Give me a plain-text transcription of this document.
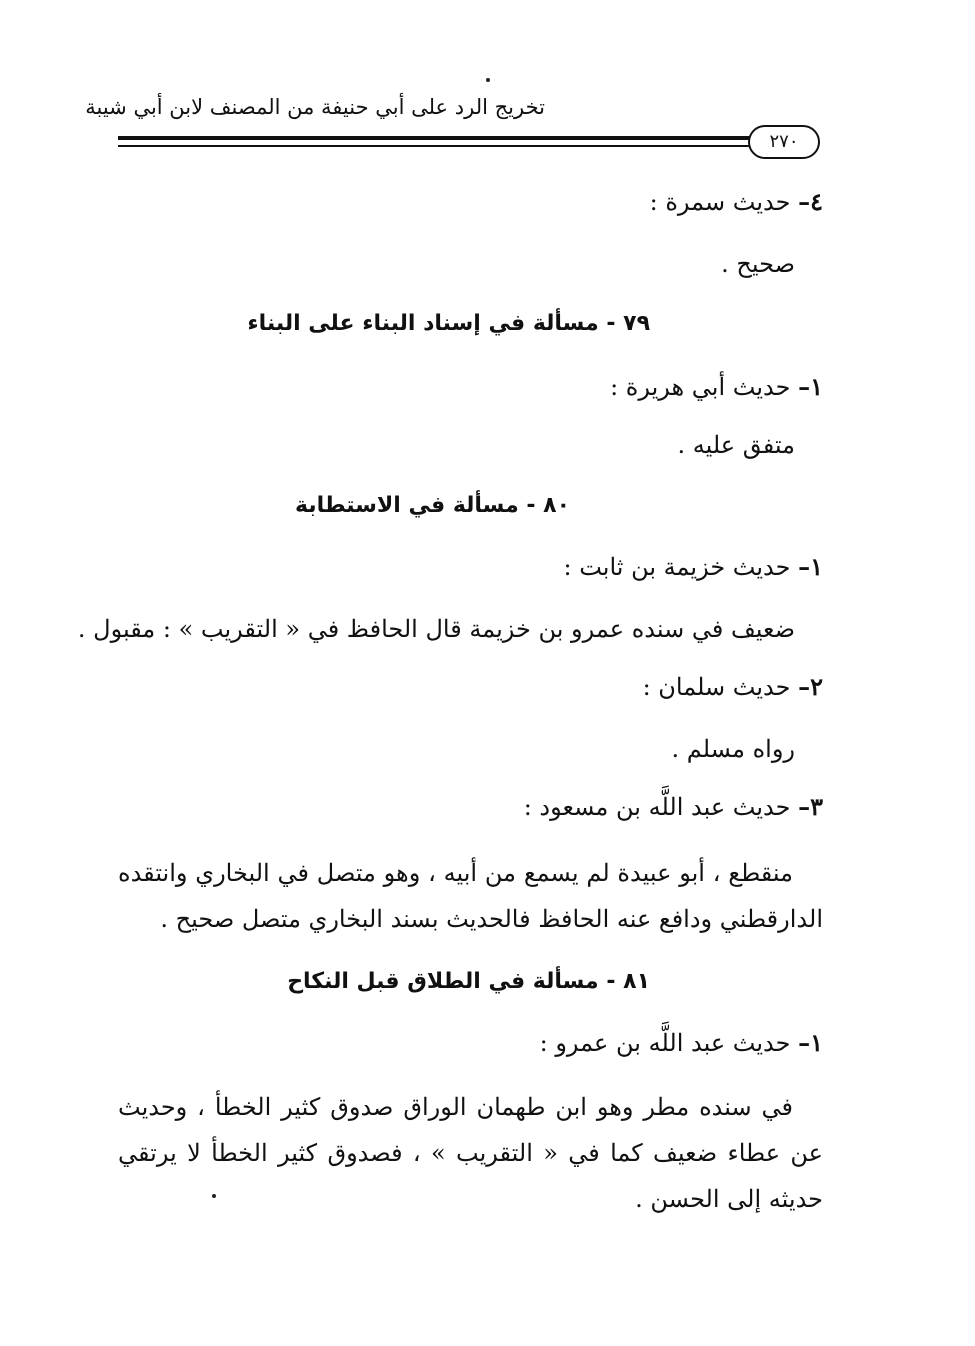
تخريج الرد على أبي حنيفة من المصنف لابن أبي شيبة
٢٧٠
٤– حديث سمرة :
صحيح .
٧٩ - مسألة في إسناد البناء على البناء
١– حديث أبي هريرة :
متفق عليه .
٨٠ - مسألة في الاستطابة
١– حديث خزيمة بن ثابت :
ضعيف في سنده عمرو بن خزيمة قال الحافظ في « التقريب » : مقبول .
٢– حديث سلمان :
رواه مسلم .
٣– حديث عبد اللَّه بن مسعود :
منقطع ، أبو عبيدة لم يسمع من أبيه ، وهو متصل في البخاري وانتقده الدارقطني ودافع عنه الحافظ فالحديث بسند البخاري متصل صحيح .
٨١ - مسألة في الطلاق قبل النكاح
١– حديث عبد اللَّه بن عمرو :
في سنده مطر وهو ابن طهمان الوراق صدوق كثير الخطأ ، وحديث عن عطاء ضعيف كما في « التقريب » ، فصدوق كثير الخطأ لا يرتقي حديثه إلى الحسن .
